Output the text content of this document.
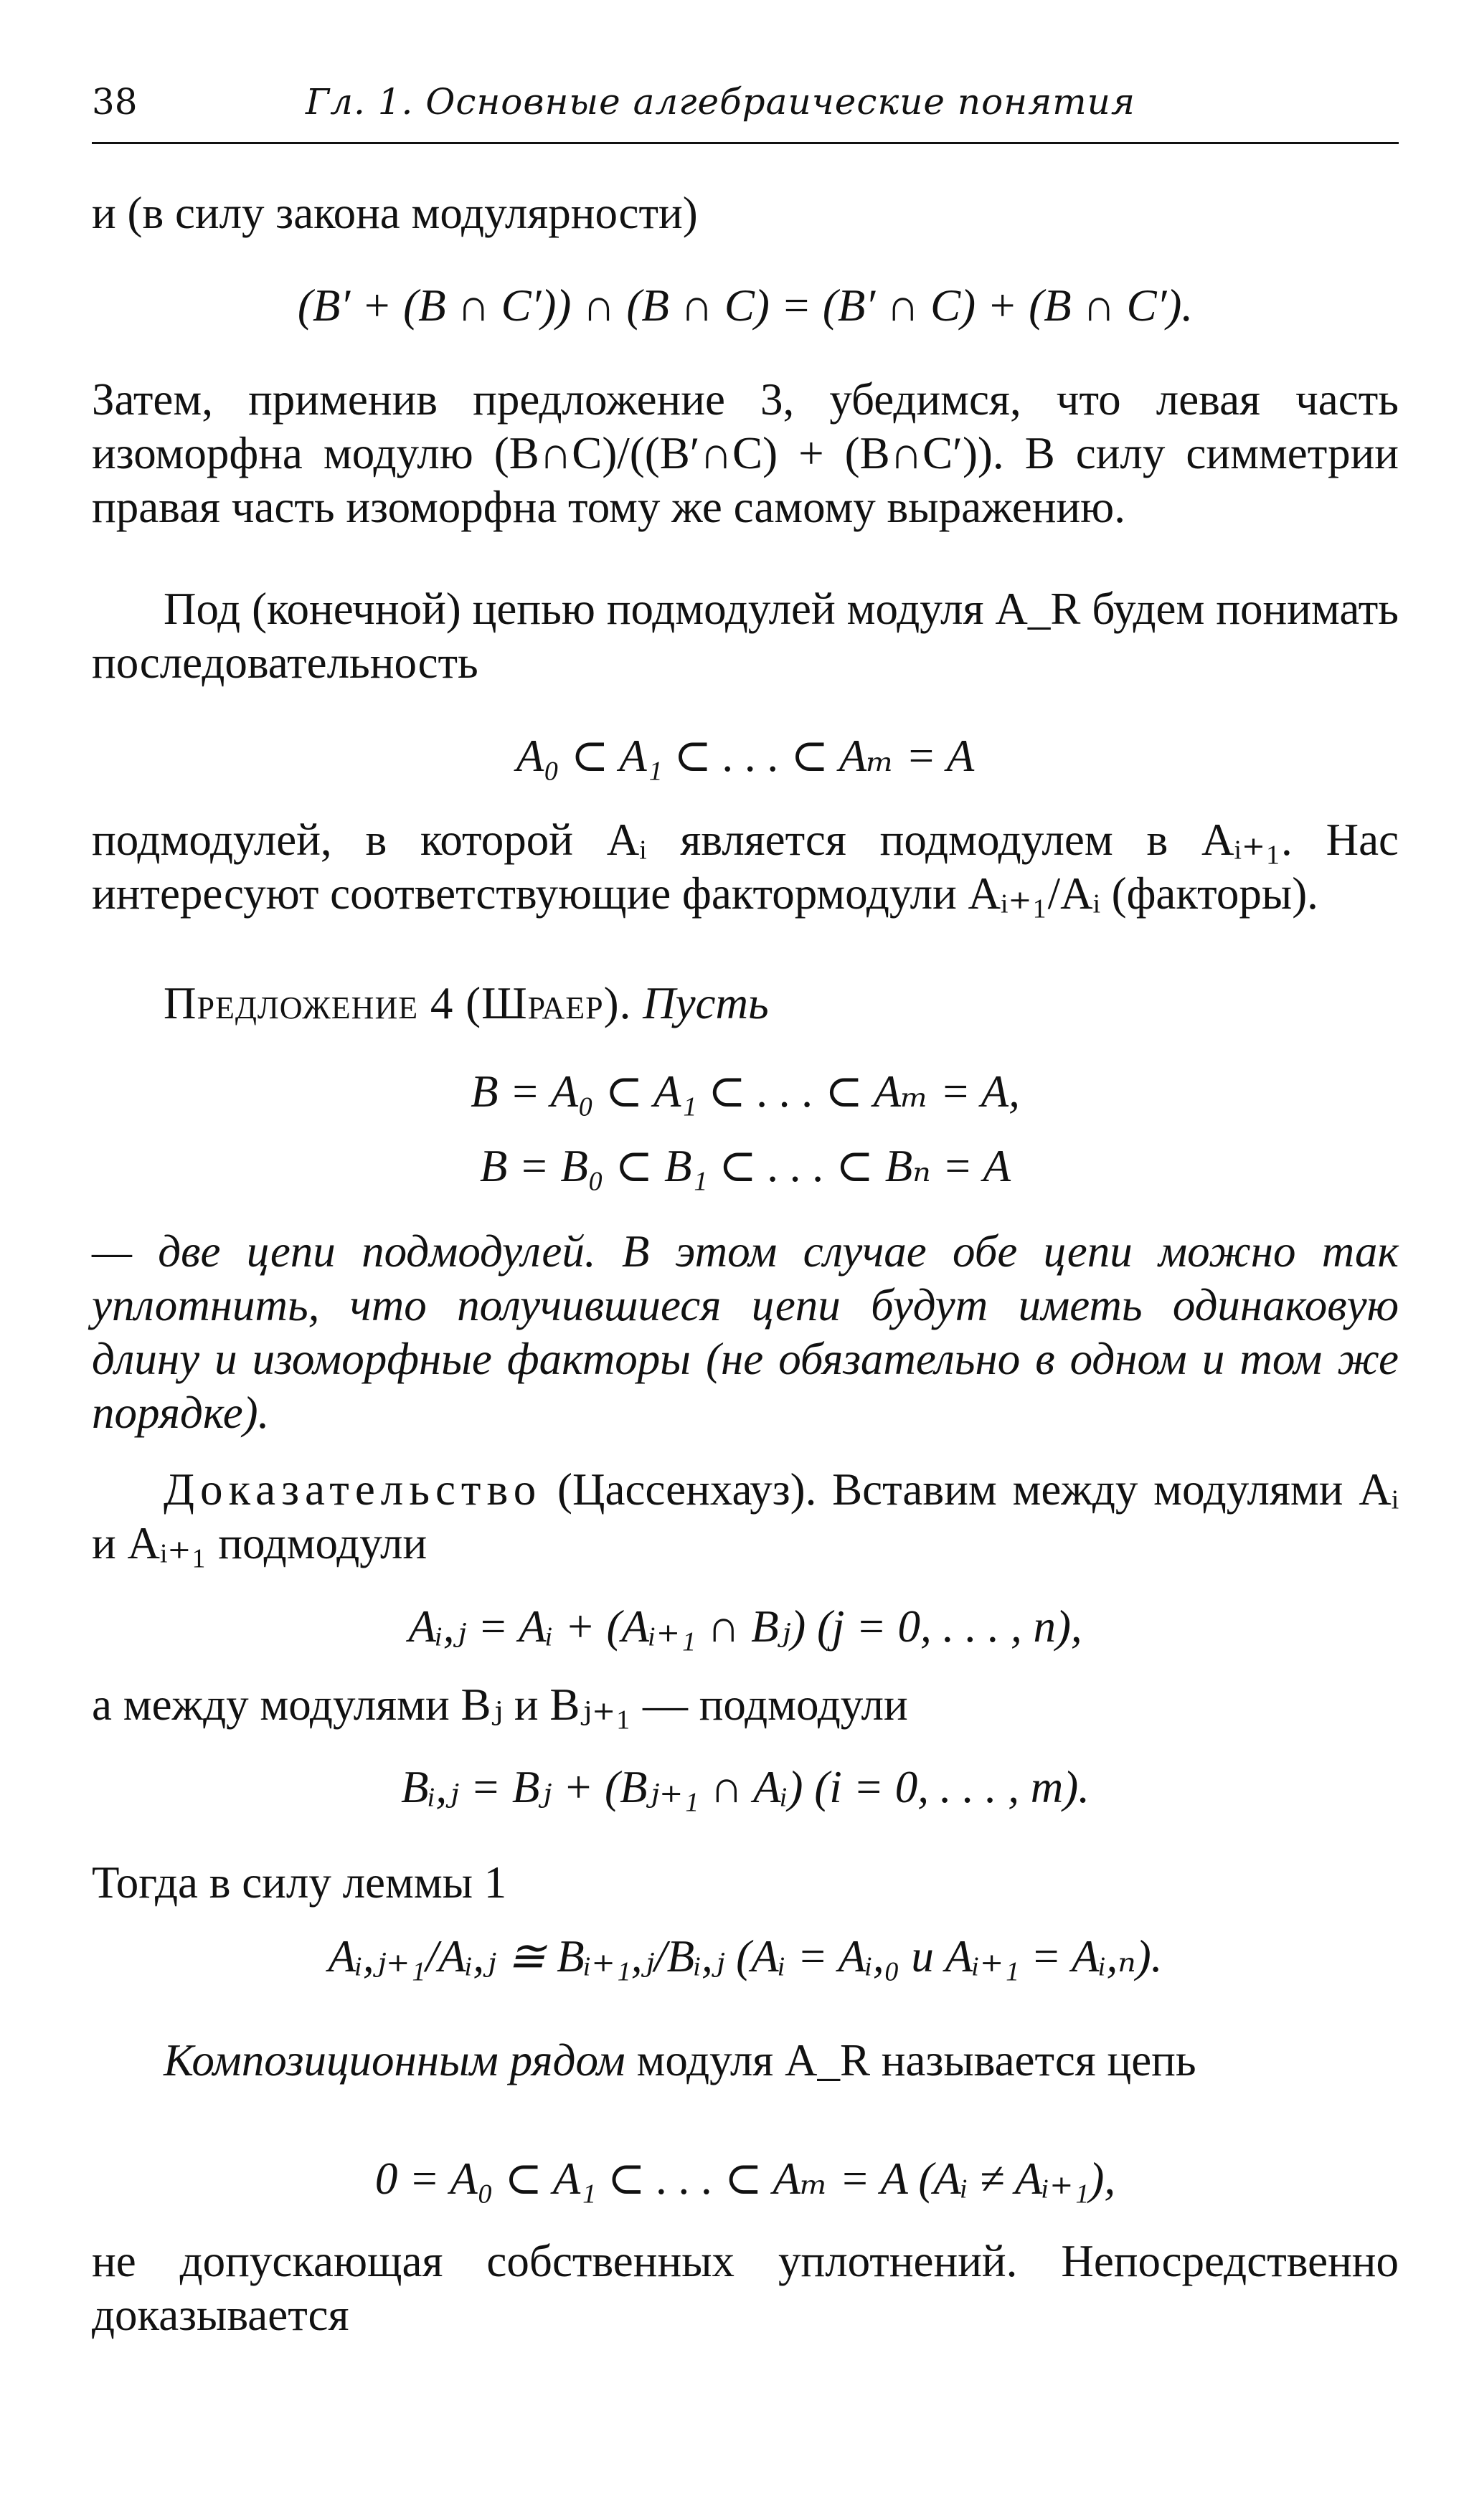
38	Гл. 1. Основные алгебраические понятия

и (в силу закона модулярности)

(B′ + (B ∩ C′)) ∩ (B ∩ C) = (B′ ∩ C) + (B ∩ C′).

Затем, применив предложение 3, убедимся, что левая часть изоморфна модулю (B∩C)/((B′∩C) + (B∩C′)). В силу симметрии правая часть изоморфна тому же самому выражению.

Под (конечной) цепью подмодулей модуля A_R будем понимать последовательность

A₀ ⊂ A₁ ⊂ . . . ⊂ Aₘ = A

подмодулей, в которой Aᵢ является подмодулем в Aᵢ₊₁. Нас интересуют соответствующие фактормодули Aᵢ₊₁/Aᵢ (факторы).

Предложение 4 (Шраер). Пусть

B = A₀ ⊂ A₁ ⊂ . . . ⊂ Aₘ = A,
B = B₀ ⊂ B₁ ⊂ . . . ⊂ Bₙ = A

— две цепи подмодулей. В этом случае обе цепи можно так уплотнить, что получившиеся цепи будут иметь одинаковую длину и изоморфные факторы (не обязательно в одном и том же порядке).

Доказательство (Цассенхауз). Вставим между модулями Aᵢ и Aᵢ₊₁ подмодули

Aᵢ,ⱼ = Aᵢ + (Aᵢ₊₁ ∩ Bⱼ) (j = 0, . . . , n),

а между модулями Bⱼ и Bⱼ₊₁ — подмодули

Bᵢ,ⱼ = Bⱼ + (Bⱼ₊₁ ∩ Aᵢ) (i = 0, . . . , m).

Тогда в силу леммы 1

Aᵢ,ⱼ₊₁/Aᵢ,ⱼ ≅ Bᵢ₊₁,ⱼ/Bᵢ,ⱼ (Aᵢ = Aᵢ,₀ и Aᵢ₊₁ = Aᵢ,ₙ).

Композиционным рядом модуля A_R называется цепь

0 = A₀ ⊂ A₁ ⊂ . . . ⊂ Aₘ = A (Aᵢ ≠ Aᵢ₊₁),

не допускающая собственных уплотнений. Непосредственно доказывается
